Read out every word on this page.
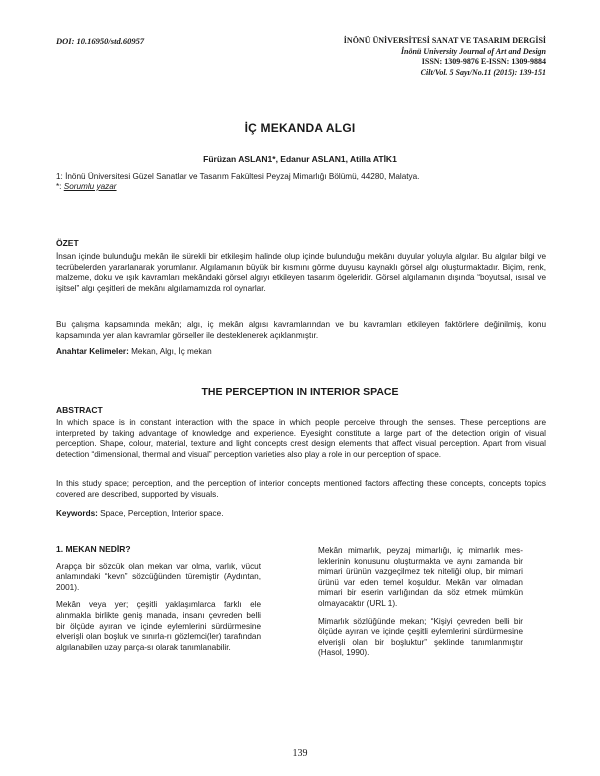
DOI: 10.16950/std.60957	İNÖNÜ ÜNİVERSİTESİ SANAT VE TASARIM DERGİSİ
İnönü University Journal of Art and Design
ISSN: 1309-9876 E-ISSN: 1309-9884
Cilt/Vol. 5 Sayı/No.11 (2015): 139-151
İÇ MEKANDA ALGI
Fürüzan ASLAN1*, Edanur ASLAN1, Atilla ATİK1
1: İnönü Üniversitesi Güzel Sanatlar ve Tasarım Fakültesi Peyzaj Mimarlığı Bölümü, 44280, Malatya.
*: Sorumlu yazar
ÖZET
İnsan içinde bulunduğu mekân ile sürekli bir etkileşim halinde olup içinde bulunduğu mekânı duyular yoluyla algılar. Bu algılar bilgi ve tecrübelerden yararlanarak yorumlanır. Algılamanın büyük bir kısmını görme duyusu kaynaklı görsel algı oluşturmaktadır. Biçim, renk, malzeme, doku ve ışık kavramları mekândaki görsel algıyı etkileyen tasarım ögeleridir. Görsel algılamanın dışında “boyutsal, ısısal ve işitsel” algı çeşitleri de mekânı algılamamızda rol oynarlar.
Bu çalışma kapsamında mekân; algı, iç mekân algısı kavramlarından ve bu kavramları etkileyen faktörlere değinilmiş, konu kapsamında yer alan kavramlar görseller ile desteklenerek açıklanmıştır.
Anahtar Kelimeler: Mekan, Algı, İç mekan
THE PERCEPTION IN INTERIOR SPACE
ABSTRACT
In which space is in constant interaction with the space in which people perceive through the senses. These perceptions are interpreted by taking advantage of knowledge and experience. Eyesight constitute a large part of the detection origin of visual perception. Shape, colour, material, texture and light concepts crest design elements that affect visual perception. Apart from visual detection “dimensional, thermal and visual” perception varieties also play a role in our perception of space.
In this study space; perception, and the perception of interior concepts mentioned factors affecting these concepts, concepts topics covered are described, supported by visuals.
Keywords: Space, Perception, Interior space.
1. MEKAN NEDİR?

Arapça bir sözcük olan mekan var olma, varlık, vücut anlamındaki “kevn” sözcüğünden türemiştir (Aydıntan, 2001).

Mekân veya yer; çeşitli yaklaşımlarca farklı ele alınmakla birlikte geniş manada, insanı çevreden belli bir ölçüde ayıran ve içinde eylemlerini sürdürmesine elverişli olan boşluk ve sınırla-rı gözlemci(ler) tarafından algılanabilen uzay parça-sı olarak tanımlanabilir.

Mekân mimarlık, peyzaj mimarlığı, iç mimarlık mes-leklerinin konusunu oluşturmakta ve aynı zamanda bir mimari ürünün vazgeçilmez tek niteliği olup, bir mimari ürünü var eden temel koşuldur. Mekân var olmadan mimari bir eserin varlığından da söz etmek mümkün olmayacaktır (URL 1).

Mimarlık sözlüğünde mekan; “Kişiyi çevreden belli bir ölçüde ayıran ve içinde çeşitli eylemlerini sürdürmesine elverişli olan bir boşluktur” şeklinde tanımlanmıştır (Hasol, 1990).

139
